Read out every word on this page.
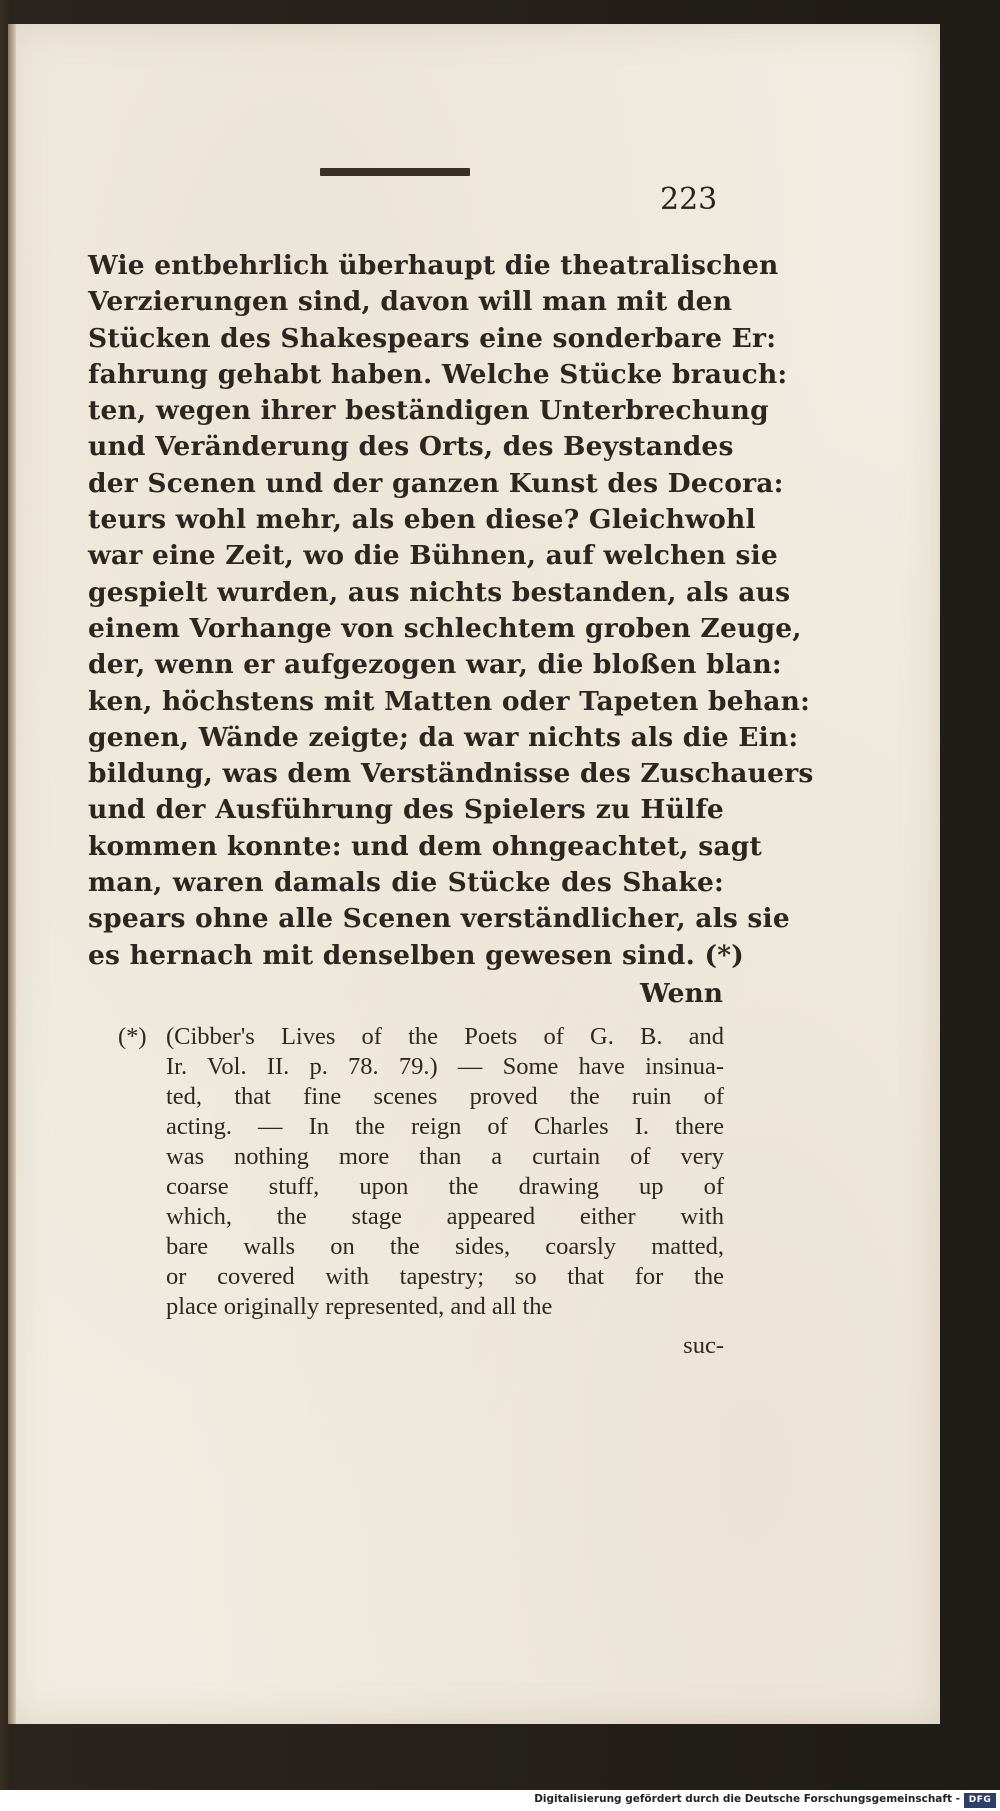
223
Wie entbehrlich überhaupt die theatralischen
Verzierungen sind, davon will man mit den
Stücken des Shakespears eine sonderbare Er:
fahrung gehabt haben. Welche Stücke brauch:
ten, wegen ihrer beständigen Unterbrechung
und Veränderung des Orts, des Beystandes
der Scenen und der ganzen Kunst des Decora:
teurs wohl mehr, als eben diese? Gleichwohl
war eine Zeit, wo die Bühnen, auf welchen sie
gespielt wurden, aus nichts bestanden, als aus
einem Vorhange von schlechtem groben Zeuge,
der, wenn er aufgezogen war, die bloßen blan:
ken, höchstens mit Matten oder Tapeten behan:
genen, Wände zeigte; da war nichts als die Ein:
bildung, was dem Verständnisse des Zuschauers
und der Ausführung des Spielers zu Hülfe
kommen konnte: und dem ohngeachtet, sagt
man, waren damals die Stücke des Shake:
spears ohne alle Scenen verständlicher, als sie
es hernach mit denselben gewesen sind. (*)
Wenn
(*) (Cibber's Lives of the Poets of G. B. and
Ir. Vol. II. p. 78. 79.) — Some have insinua-
ted, that fine scenes proved the ruin of
acting. — In the reign of Charles I. there
was nothing more than a curtain of very
coarse stuff, upon the drawing up of
which, the stage appeared either with
bare walls on the sides, coarsly matted,
or covered with tapestry; so that for the
place originally represented, and all the
suc-
Digitalisierung gefördert durch die Deutsche Forschungsgemeinschaft - DFG
